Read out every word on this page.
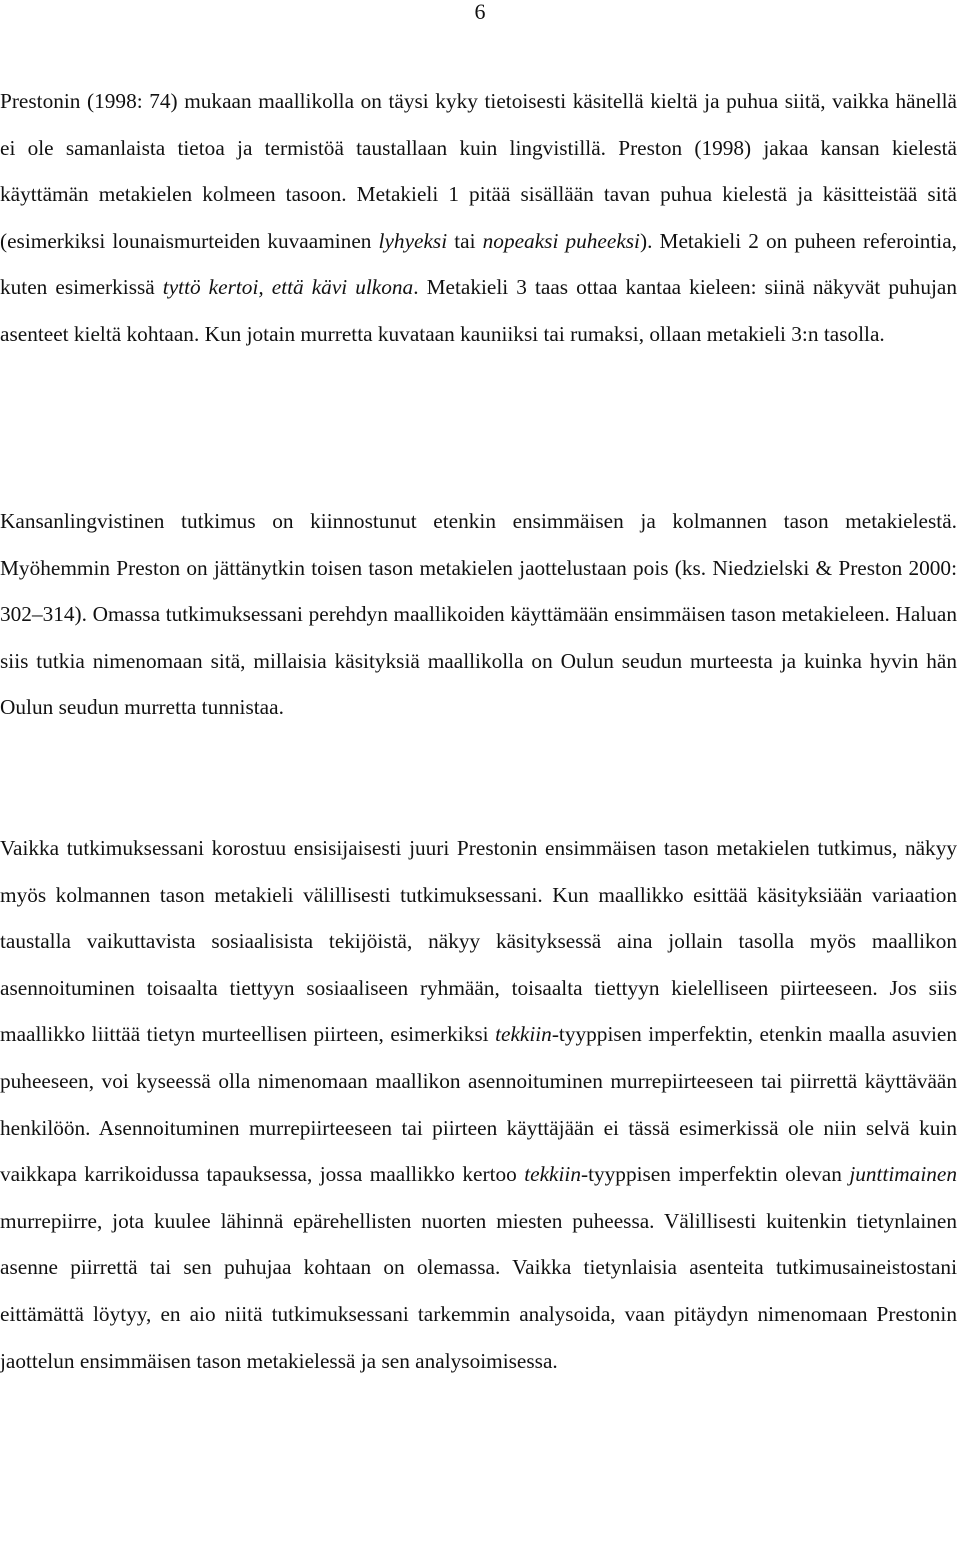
6

Prestonin (1998: 74) mukaan maallikolla on täysi kyky tietoisesti käsitellä kieltä ja puhua siitä, vaikka hänellä ei ole samanlaista tietoa ja termistöä taustallaan kuin lingvistillä. Preston (1998) jakaa kansan kielestä käyttämän metakielen kolmeen tasoon. Metakieli 1 pitää sisällään tavan puhua kielestä ja käsitteistää sitä (esimerkiksi lounaismurteiden kuvaaminen lyhyeksi tai nopeaksi puheeksi). Metakieli 2 on puheen referointia, kuten esimerkissä tyttö kertoi, että kävi ulkona. Metakieli 3 taas ottaa kantaa kieleen: siinä näkyvät puhujan asenteet kieltä kohtaan. Kun jotain murretta kuvataan kauniiksi tai rumaksi, ollaan metakieli 3:n tasolla.

Kansanlingvistinen tutkimus on kiinnostunut etenkin ensimmäisen ja kolmannen tason metakielestä. Myöhemmin Preston on jättänytkin toisen tason metakielen jaottelustaan pois (ks. Niedzielski & Preston 2000: 302–314). Omassa tutkimuksessani perehdyn maallikoiden käyttämään ensimmäisen tason metakieleen. Haluan siis tutkia nimenomaan sitä, millaisia käsityksiä maallikolla on Oulun seudun murteesta ja kuinka hyvin hän Oulun seudun murretta tunnistaa.

Vaikka tutkimuksessani korostuu ensisijaisesti juuri Prestonin ensimmäisen tason metakielen tutkimus, näkyy myös kolmannen tason metakieli välillisesti tutkimuksessani. Kun maallikko esittää käsityksiään variaation taustalla vaikuttavista sosiaalisista tekijöistä, näkyy käsityksessä aina jollain tasolla myös maallikon asennoituminen toisaalta tiettyyn sosiaaliseen ryhmään, toisaalta tiettyyn kielelliseen piirteeseen. Jos siis maallikko liittää tietyn murteellisen piirteen, esimerkiksi tekkiin-tyyppisen imperfektin, etenkin maalla asuvien puheeseen, voi kyseessä olla nimenomaan maallikon asennoituminen murrepiirteeseen tai piirrettä käyttävään henkilöön. Asennoituminen murrepiirteeseen tai piirteen käyttäjään ei tässä esimerkissä ole niin selvä kuin vaikkapa karrikoidussa tapauksessa, jossa maallikko kertoo tekkiin-tyyppisen imperfektin olevan junttimainen murrepiirre, jota kuulee lähinnä epärehellisten nuorten miesten puheessa. Välillisesti kuitenkin tietynlainen asenne piirrettä tai sen puhujaa kohtaan on olemassa. Vaikka tietynlaisia asenteita tutkimusaineistostani eittämättä löytyy, en aio niitä tutkimuksessani tarkemmin analysoida, vaan pitäydyn nimenomaan Prestonin jaottelun ensimmäisen tason metakielessä ja sen analysoimisessa.
